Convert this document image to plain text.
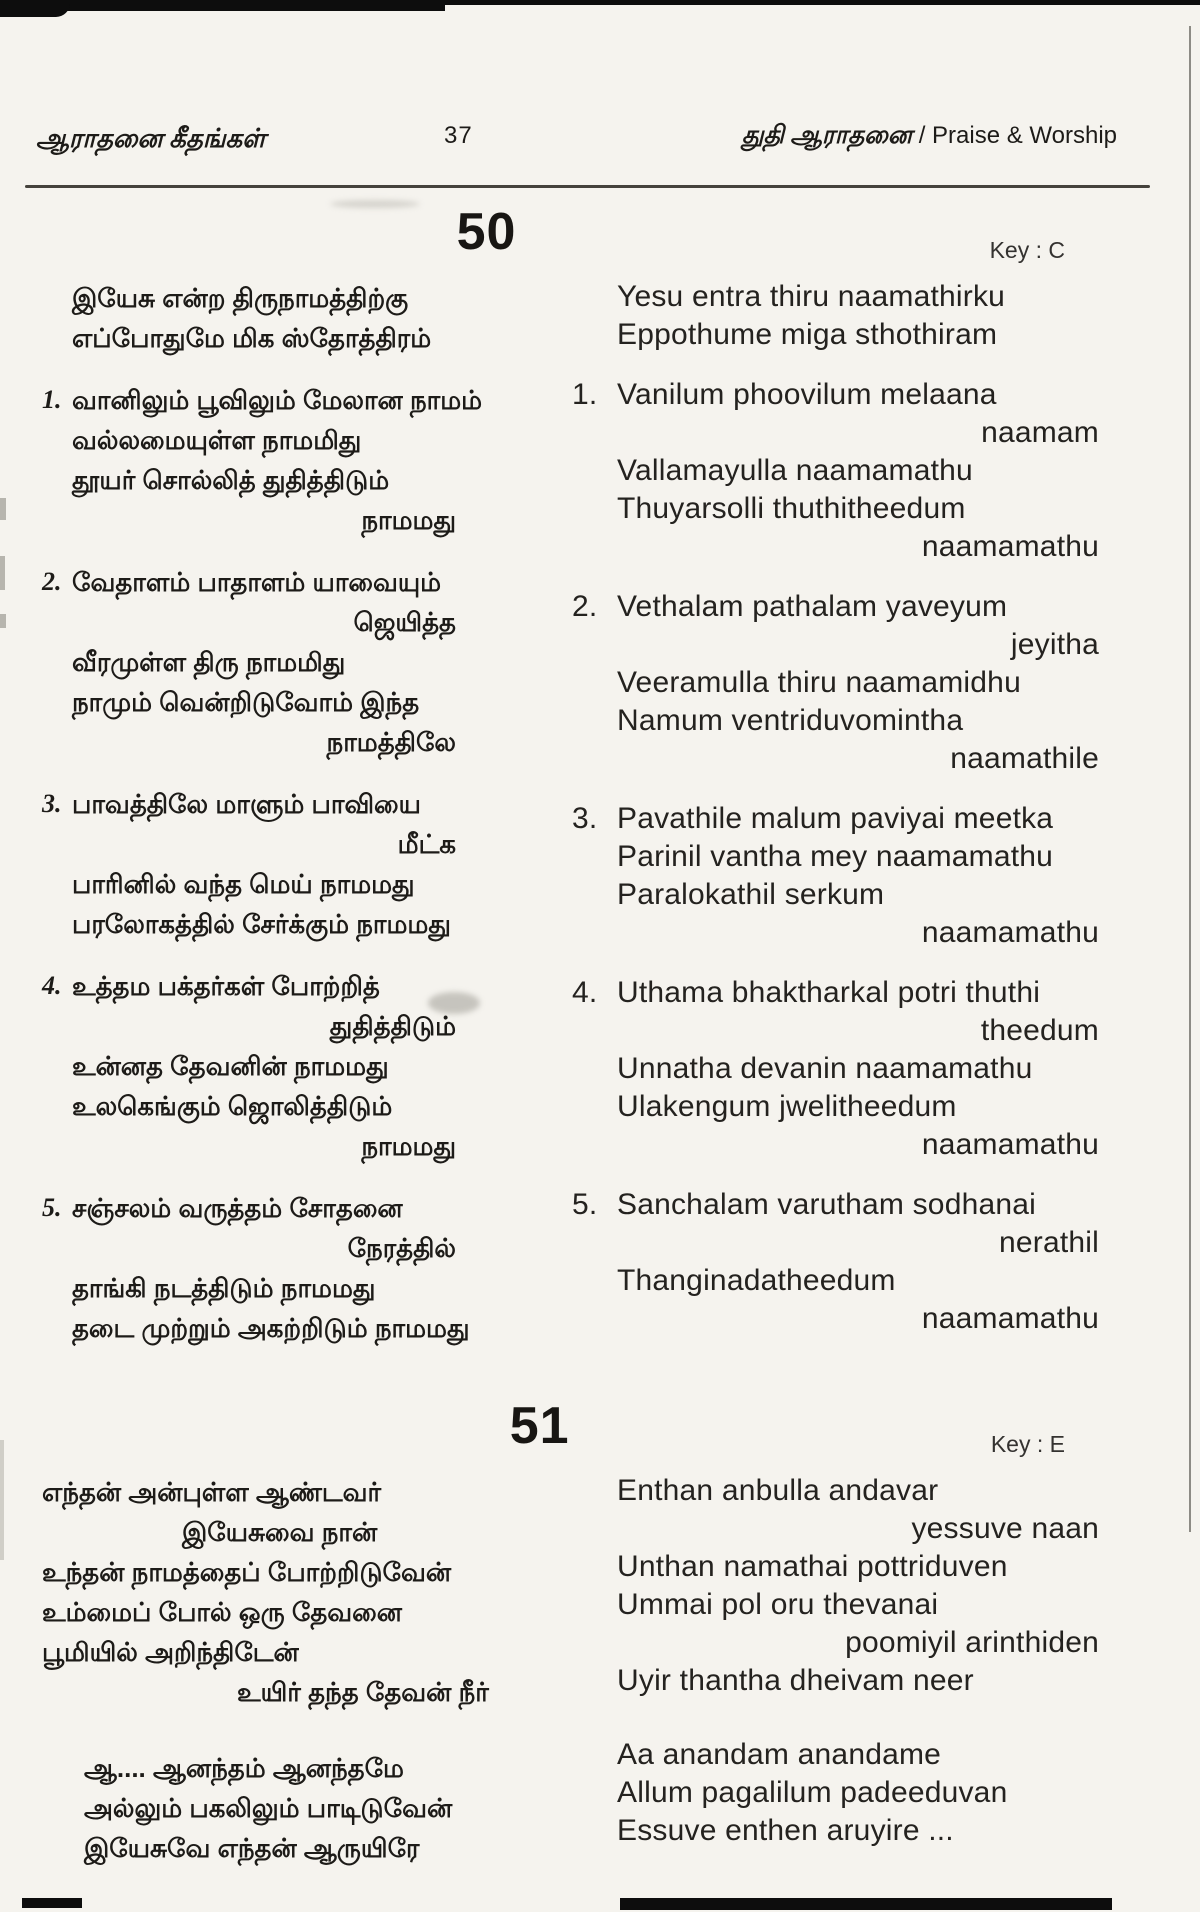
ஆராதனை கீதங்கள்	37	துதி ஆராதனை / Praise & Worship
50	Key : C
இயேசு என்ற திருநாமத்திற்கு
எப்போதுமே மிக ஸ்தோத்திரம்
1. வானிலும் பூவிலும் மேலான நாமம்
வல்லமையுள்ள நாமமிது
தூயர் சொல்லித் துதித்திடும்
நாமமது
2. வேதாளம் பாதாளம் யாவையும்
ஜெயித்த
வீரமுள்ள திரு நாமமிது
நாமும் வென்றிடுவோம் இந்த
நாமத்திலே
3. பாவத்திலே மாளும் பாவியை
மீட்க
பாரினில் வந்த மெய் நாமமது
பரலோகத்தில் சேர்க்கும் நாமமது
4. உத்தம பக்தர்கள் போற்றித்
துதித்திடும்
உன்னத தேவனின் நாமமது
உலகெங்கும் ஜொலித்திடும்
நாமமது
5. சஞ்சலம் வருத்தம் சோதனை
நேரத்தில்
தாங்கி நடத்திடும் நாமமது
தடை முற்றும் அகற்றிடும் நாமமது
Yesu entra thiru naamathirku
Eppothume miga sthothiram
1. Vanilum phoovilum melaana
naamam
Vallamayulla naamamathu
Thuyarsolli thuthitheedum
naamamathu
2. Vethalam pathalam yaveyum
jeyitha
Veeramulla thiru naamamidhu
Namum ventriduvomintha
naamathile
3. Pavathile malum paviyai meetka
Parinil vantha mey naamamathu
Paralokathil serkum
naamamathu
4. Uthama bhaktharkal potri thuthi
theedum
Unnatha devanin naamamathu
Ulakengum jwelitheedum
naamamathu
5. Sanchalam varutham sodhanai
nerathil
Thanginadatheedum
naamamathu
51	Key : E
எந்தன் அன்புள்ள ஆண்டவர்
இயேசுவை நான்
உந்தன் நாமத்தைப் போற்றிடுவேன்
உம்மைப் போல் ஒரு தேவனை
பூமியில் அறிந்திடேன்
உயிர் தந்த தேவன் நீர்
ஆ.... ஆனந்தம் ஆனந்தமே
அல்லும் பகலிலும் பாடிடுவேன்
இயேசுவே எந்தன் ஆருயிரே
Enthan anbulla andavar
yessuve naan
Unthan namathai pottriduven
Ummai pol oru thevanai
poomiyil arinthiden
Uyir thantha dheivam neer
Aa anandam anandame
Allum pagalilum padeeduvan
Essuve enthen aruyire ...
